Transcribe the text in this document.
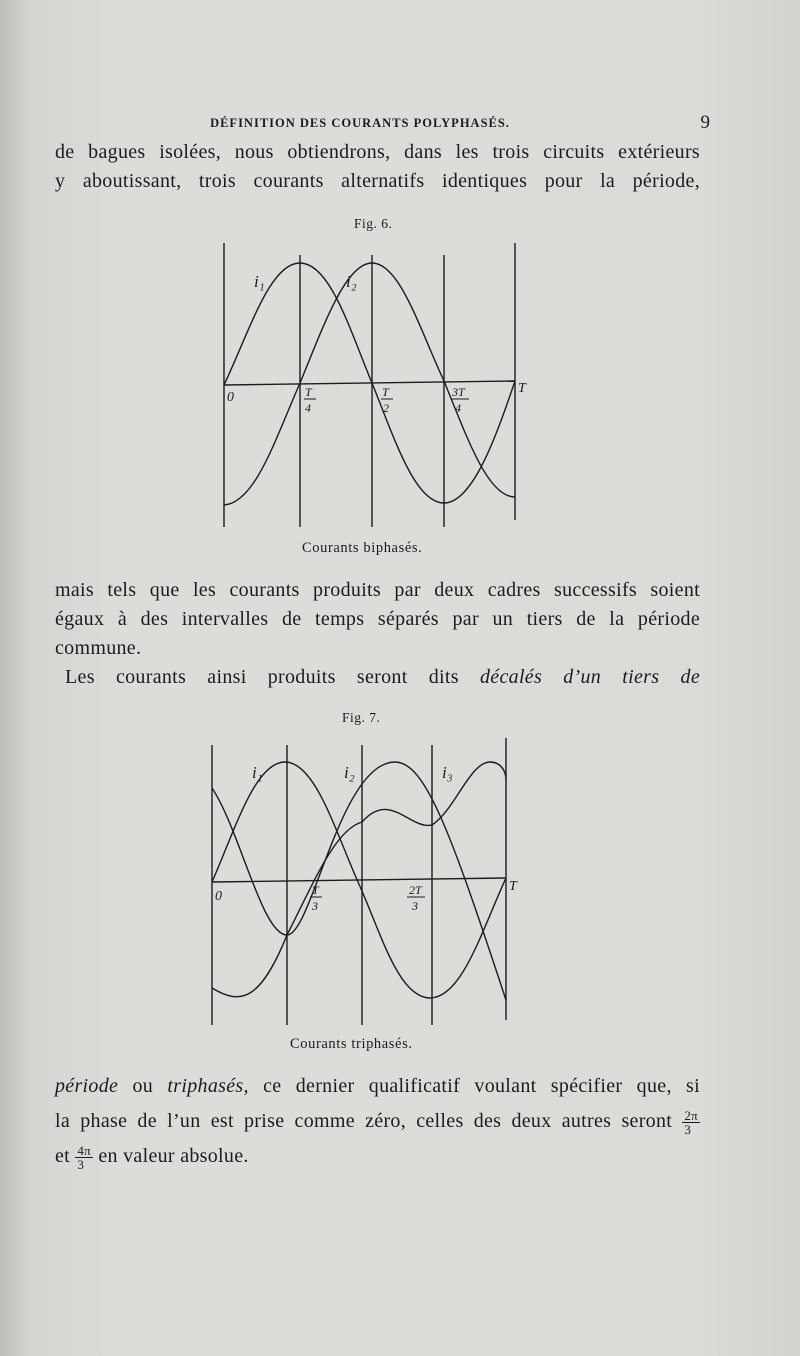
DÉFINITION DES COURANTS POLYPHASÉS.	9
de bagues isolées, nous obtiendrons, dans les trois circuits extérieurs
y aboutissant, trois courants alternatifs identiques pour la période,
Fig. 6.
i₁	i₂
0	T
4
T
2
3T
4
T
Courants biphasés.
mais tels que les courants produits par deux cadres successifs soient
égaux à des intervalles de temps séparés par un tiers de la période
commune.
Les courants ainsi produits seront dits décalés d’un tiers de
Fig. 7.
i₁	i₂	i₃
0	T
3
2T
3
T
Courants triphasés.
période ou triphasés, ce dernier qualificatif voulant spécifier que, si
la phase de l’un est prise comme zéro, celles des deux autres seront $\frac{2\pi}{3}$
et $\frac{4\pi}{3}$ en valeur absolue.
